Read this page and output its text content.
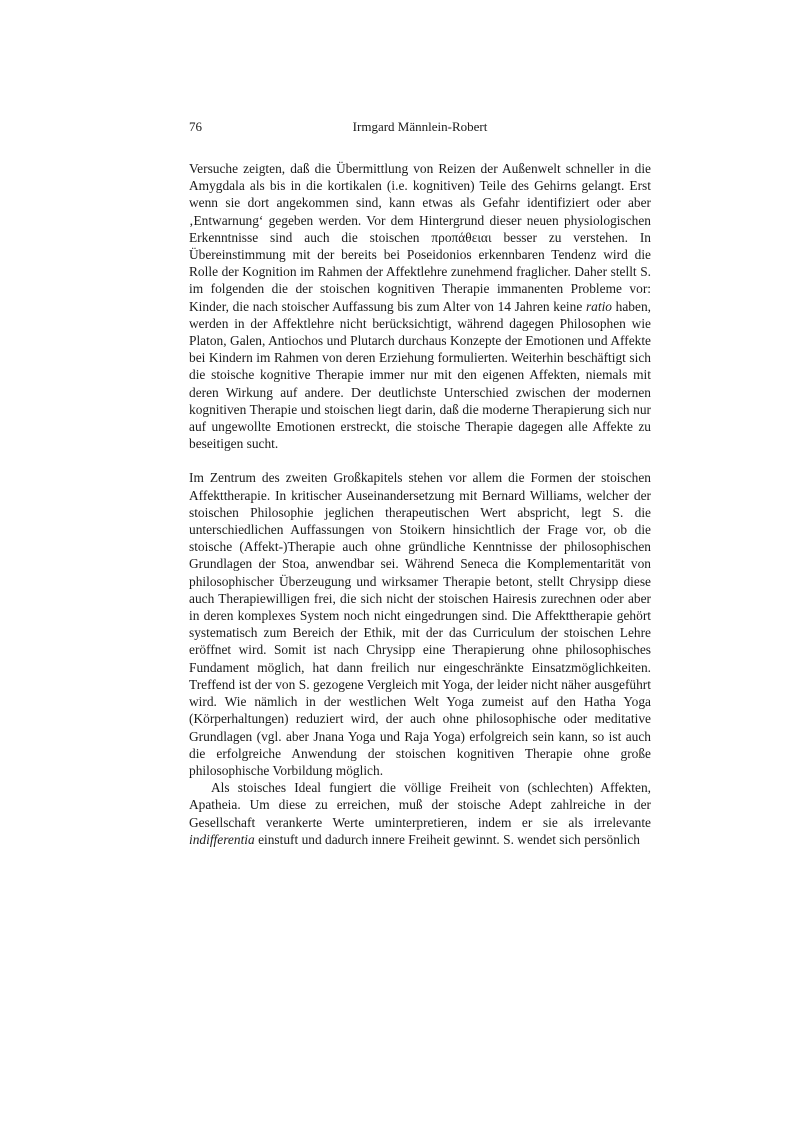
76	Irmgard Männlein-Robert

Versuche zeigten, daß die Übermittlung von Reizen der Außenwelt schneller in die Amygdala als bis in die kortikalen (i.e. kognitiven) Teile des Gehirns gelangt. Erst wenn sie dort angekommen sind, kann etwas als Gefahr identifiziert oder aber ‚Entwarnung‘ gegeben werden. Vor dem Hintergrund dieser neuen physiologischen Erkenntnisse sind auch die stoischen προπάθειαι besser zu verstehen. In Übereinstimmung mit der bereits bei Poseidonios erkennbaren Tendenz wird die Rolle der Kognition im Rahmen der Affektlehre zunehmend fraglicher. Daher stellt S. im folgenden die der stoischen kognitiven Therapie immanenten Probleme vor: Kinder, die nach stoischer Auffassung bis zum Alter von 14 Jahren keine ratio haben, werden in der Affektlehre nicht berücksichtigt, während dagegen Philosophen wie Platon, Galen, Antiochos und Plutarch durchaus Konzepte der Emotionen und Affekte bei Kindern im Rahmen von deren Erziehung formulierten. Weiterhin beschäftigt sich die stoische kognitive Therapie immer nur mit den eigenen Affekten, niemals mit deren Wirkung auf andere. Der deutlichste Unterschied zwischen der modernen kognitiven Therapie und stoischen liegt darin, daß die moderne Therapierung sich nur auf ungewollte Emotionen erstreckt, die stoische Therapie dagegen alle Affekte zu beseitigen sucht.

Im Zentrum des zweiten Großkapitels stehen vor allem die Formen der stoischen Affekttherapie. In kritischer Auseinandersetzung mit Bernard Williams, welcher der stoischen Philosophie jeglichen therapeutischen Wert abspricht, legt S. die unterschiedlichen Auffassungen von Stoikern hinsichtlich der Frage vor, ob die stoische (Affekt-)Therapie auch ohne gründliche Kenntnisse der philosophischen Grundlagen der Stoa, anwendbar sei. Während Seneca die Komplementarität von philosophischer Überzeugung und wirksamer Therapie betont, stellt Chrysipp diese auch Therapiewilligen frei, die sich nicht der stoischen Hairesis zurechnen oder aber in deren komplexes System noch nicht eingedrungen sind. Die Affekttherapie gehört systematisch zum Bereich der Ethik, mit der das Curriculum der stoischen Lehre eröffnet wird. Somit ist nach Chrysipp eine Therapierung ohne philosophisches Fundament möglich, hat dann freilich nur eingeschränkte Einsatzmöglichkeiten. Treffend ist der von S. gezogene Vergleich mit Yoga, der leider nicht näher ausgeführt wird. Wie nämlich in der westlichen Welt Yoga zumeist auf den Hatha Yoga (Körperhaltungen) reduziert wird, der auch ohne philosophische oder meditative Grundlagen (vgl. aber Jnana Yoga und Raja Yoga) erfolgreich sein kann, so ist auch die erfolgreiche Anwendung der stoischen kognitiven Therapie ohne große philosophische Vorbildung möglich.

Als stoisches Ideal fungiert die völlige Freiheit von (schlechten) Affekten, Apatheia. Um diese zu erreichen, muß der stoische Adept zahlreiche in der Gesellschaft verankerte Werte uminterpretieren, indem er sie als irrelevante indifferentia einstuft und dadurch innere Freiheit gewinnt. S. wendet sich persönlich
